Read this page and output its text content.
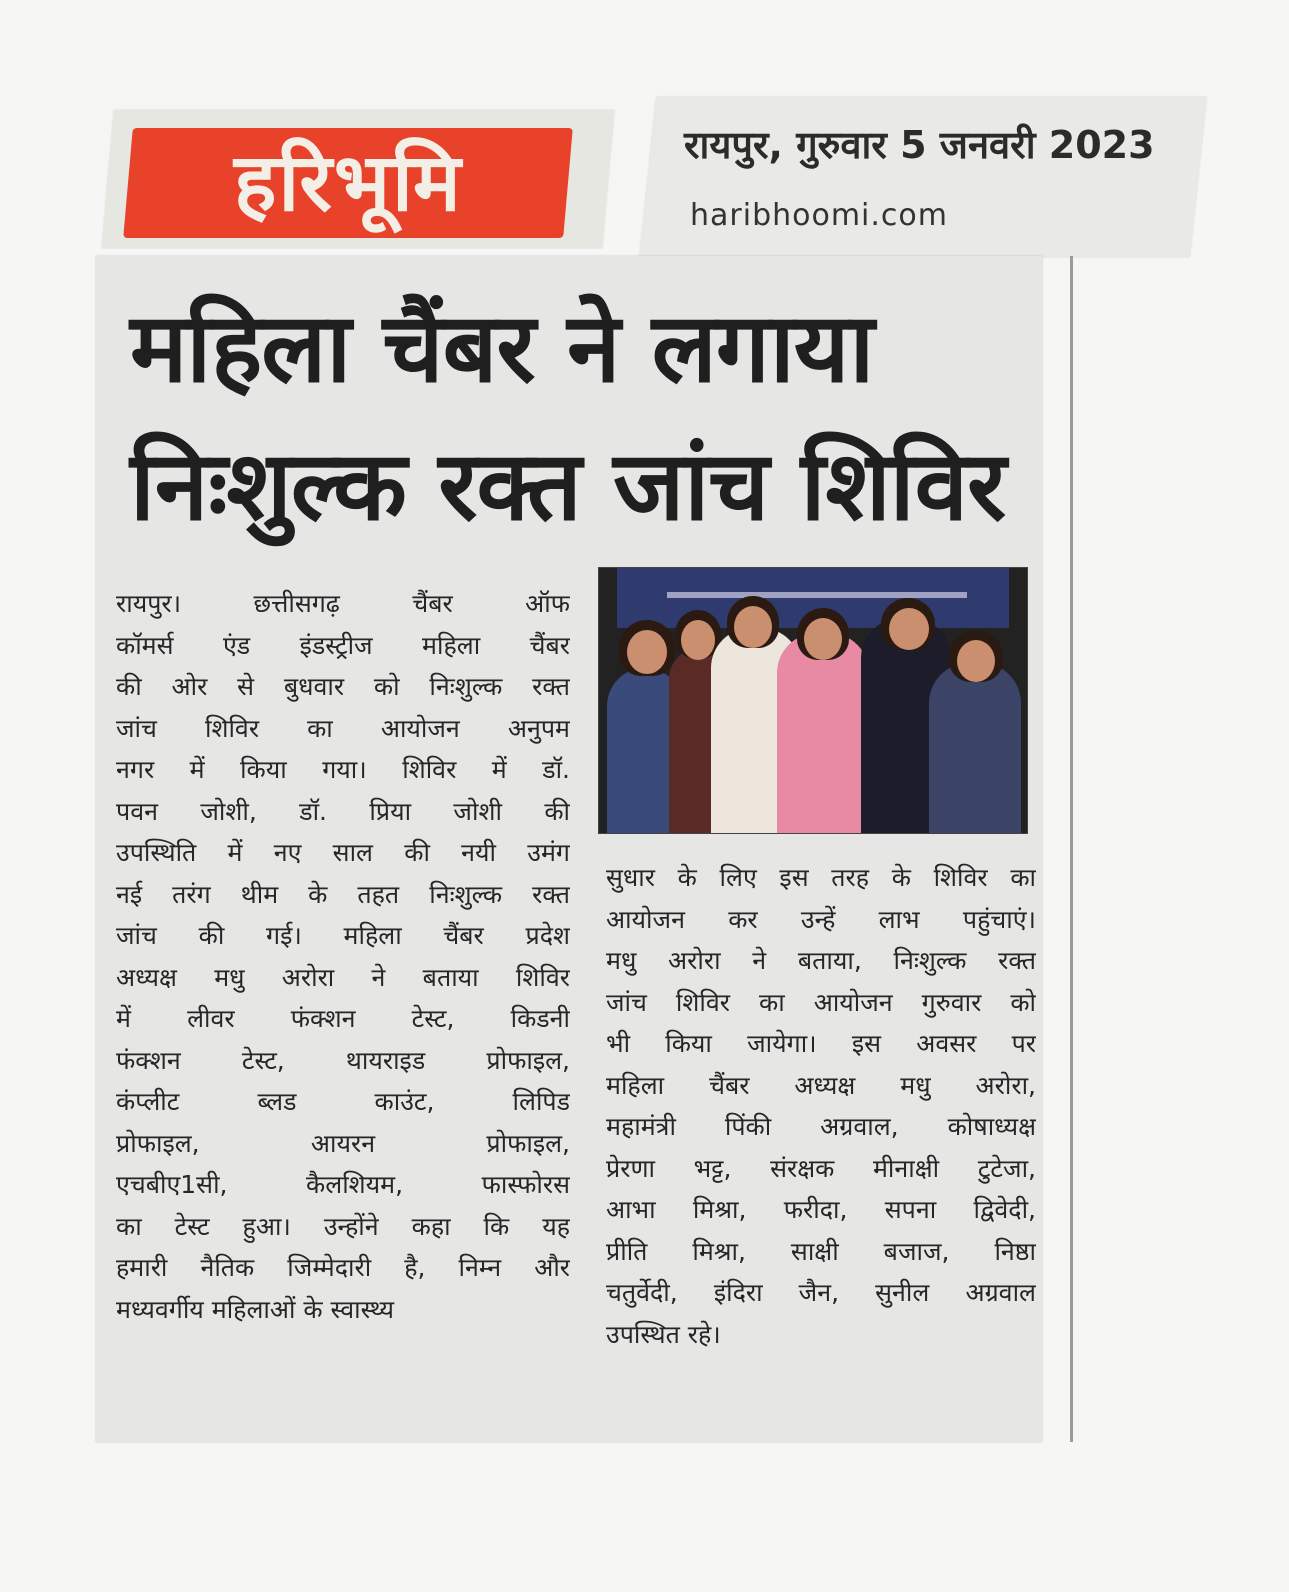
हरिभूमि	रायपुर, गुरुवार 5 जनवरी 2023
haribhoomi.com
महिला चैंबर ने लगाया
निःशुल्क रक्त जांच शिविर
रायपुर। छत्तीसगढ़ चैंबर ऑफ
कॉमर्स एंड इंडस्ट्रीज महिला चैंबर
की ओर से बुधवार को निःशुल्क रक्त
जांच शिविर का आयोजन अनुपम
नगर में किया गया। शिविर में डॉ.
पवन जोशी, डॉ. प्रिया जोशी की
उपस्थिति में नए साल की नयी उमंग
नई तरंग थीम के तहत निःशुल्क रक्त
जांच की गई। महिला चैंबर प्रदेश
अध्यक्ष मधु अरोरा ने बताया शिविर
में लीवर फंक्शन टेस्ट, किडनी
फंक्शन टेस्ट, थायराइड प्रोफाइल,
कंप्लीट ब्लड काउंट, लिपिड
प्रोफाइल, आयरन प्रोफाइल,
एचबीए1सी, कैलशियम, फास्फोरस
का टेस्ट हुआ। उन्होंने कहा कि यह
हमारी नैतिक जिम्मेदारी है, निम्न और
मध्यवर्गीय महिलाओं के स्वास्थ्य
सुधार के लिए इस तरह के शिविर का
आयोजन कर उन्हें लाभ पहुंचाएं।
मधु अरोरा ने बताया, निःशुल्क रक्त
जांच शिविर का आयोजन गुरुवार को
भी किया जायेगा। इस अवसर पर
महिला चैंबर अध्यक्ष मधु अरोरा,
महामंत्री पिंकी अग्रवाल, कोषाध्यक्ष
प्रेरणा भट्ट, संरक्षक मीनाक्षी टुटेजा,
आभा मिश्रा, फरीदा, सपना द्विवेदी,
प्रीति मिश्रा, साक्षी बजाज, निष्ठा
चतुर्वेदी, इंदिरा जैन, सुनील अग्रवाल
उपस्थित रहे।
